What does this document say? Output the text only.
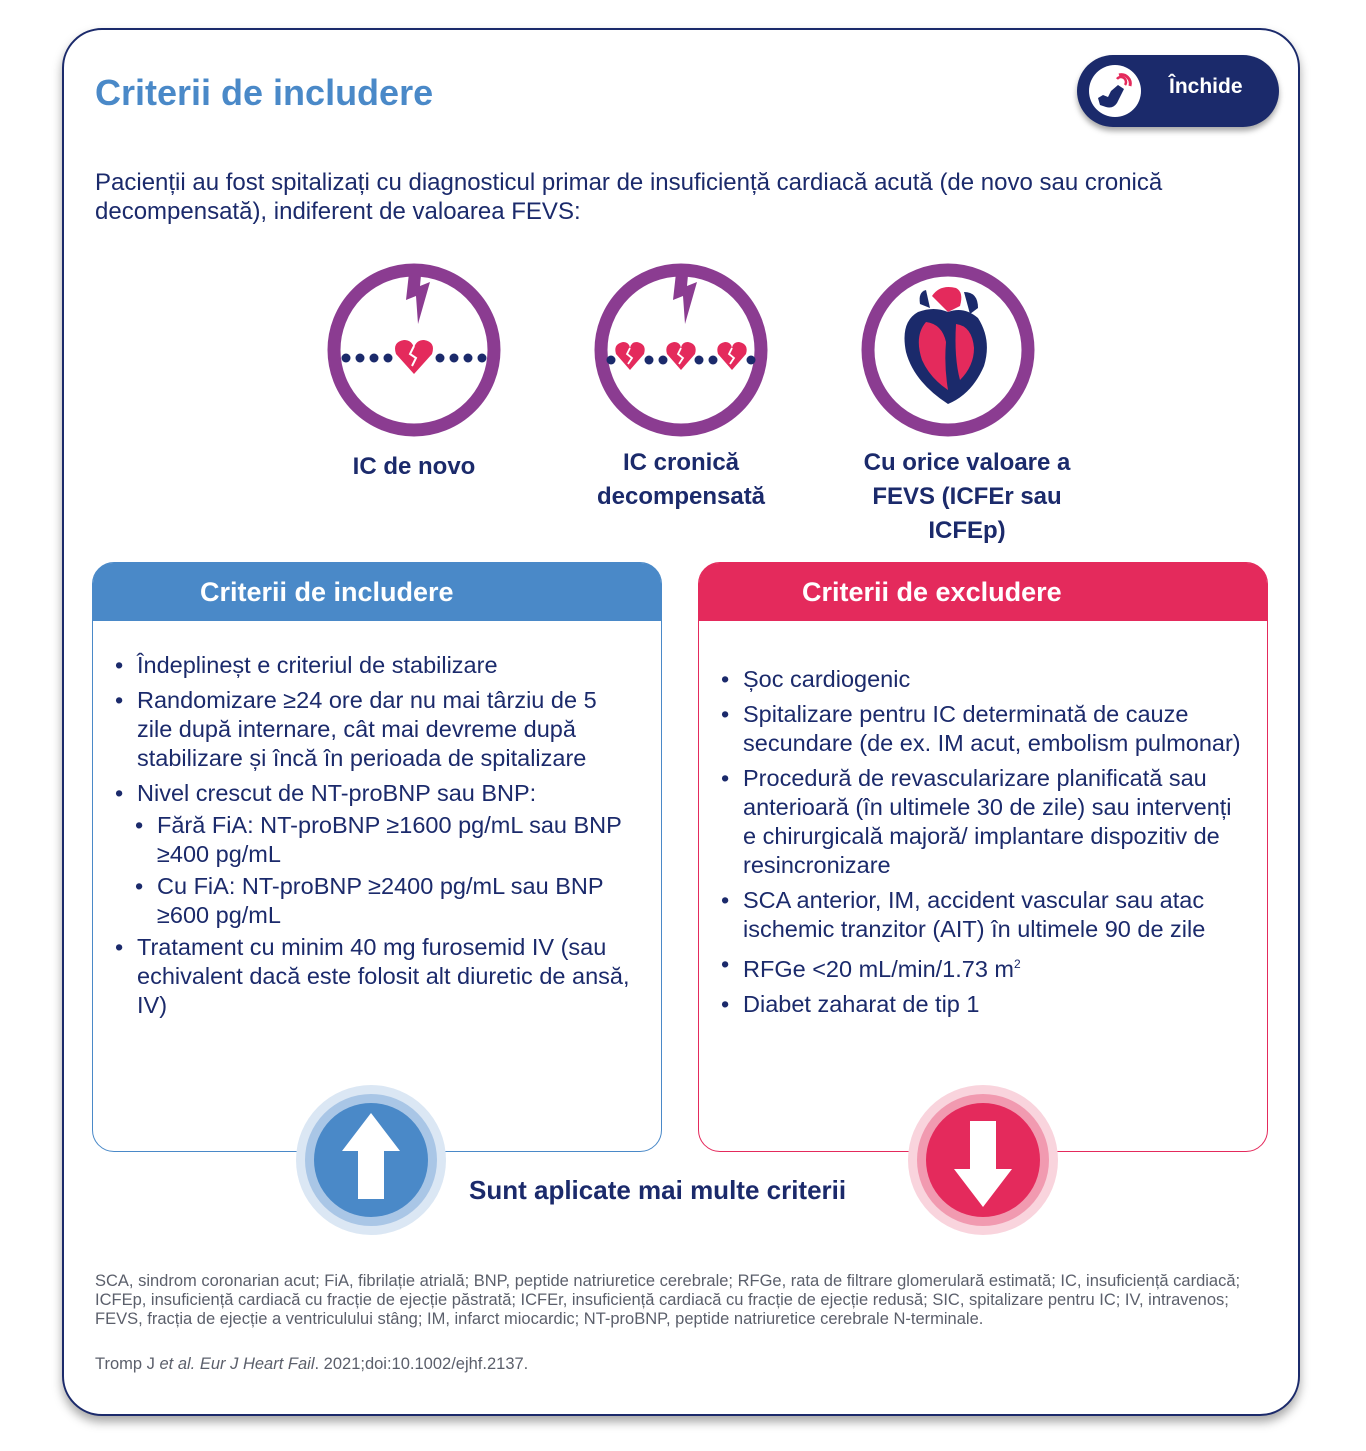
Criterii de includere	Închide

Pacienții au fost spitalizați cu diagnosticul primar de insuficiență cardiacă acută (de novo sau cronică decompensată), indiferent de valoarea FEVS:

IC de novo	IC cronică decompensată
Cu orice valoare a FEVS (ICFEr sau ICFEp)
Criterii de includere
• Îndeplineșt e criteriul de stabilizare
• Randomizare ≥24 ore dar nu mai târziu de 5 zile după internare, cât mai devreme după stabilizare și încă în perioada de spitalizare
• Nivel crescut de NT-proBNP sau BNP:
• Fără FiA: NT-proBNP ≥1600 pg/mL sau BNP ≥400 pg/mL
• Cu FiA: NT-proBNP ≥2400 pg/mL sau BNP ≥600 pg/mL
• Tratament cu minim 40 mg furosemid IV (sau echivalent dacă este folosit alt diuretic de ansă, IV)
Criterii de excludere
• Șoc cardiogenic
• Spitalizare pentru IC determinată de cauze secundare (de ex. IM acut, embolism pulmonar)
• Procedură de revascularizare planificată sau anterioară (în ultimele 30 de zile) sau intervenți e chirurgicală majoră/ implantare dispozitiv de resincronizare
• SCA anterior, IM, accident vascular sau atac ischemic tranzitor (AIT) în ultimele 90 de zile
• RFGe <20 mL/min/1.73 $m^2$
• Diabet zaharat de tip 1

Sunt aplicate mai multe criterii

SCA, sindrom coronarian acut; FiA, fibrilație atrială; BNP, peptide natriuretice cerebrale; RFGe, rata de filtrare glomerulară estimată; IC, insuficiență cardiacă; ICFEp, insuficiență cardiacă cu fracție de ejecție păstrată; ICFEr, insuficiență cardiacă cu fracție de ejecție redusă; SIC, spitalizare pentru IC; IV, intravenos; FEVS, fracția de ejecție a ventriculului stâng; IM, infarct miocardic; NT-proBNP, peptide natriuretice cerebrale N-terminale.

Tromp J et al. Eur J Heart Fail. 2021;doi:10.1002/ejhf.2137.
